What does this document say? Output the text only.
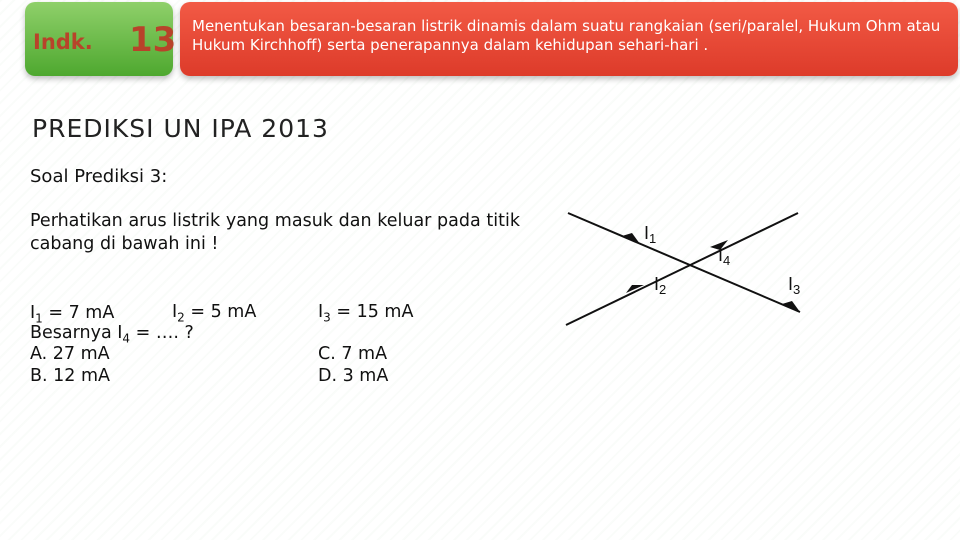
Indk. 13 Menentukan besaran-besaran listrik dinamis dalam suatu rangkaian (seri/paralel, Hukum Ohm atau Hukum Kirchhoff) serta penerapannya dalam kehidupan sehari-hari .
PREDIKSI UN IPA 2013
Soal Prediksi 3:
Perhatikan arus listrik yang masuk dan keluar pada titik cabang di bawah ini !
$I_1 = 7$ mA	$I_2 = 5$ mA	$I_3 = 15$ mA
Besarnya $I_4$ = …. ?
A. 27 mA
B. 12 mA
C. 7 mA
D. 3 mA
$I_1$
$I_4$
$I_2$	$I_3$
